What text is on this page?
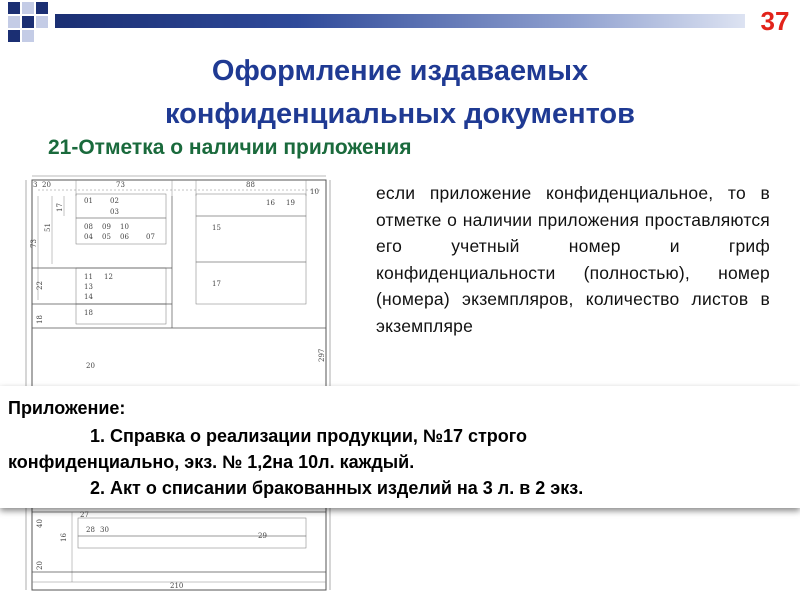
37
Оформление издаваемых
конфиденциальных документов
21-Отметка о наличии приложения
если приложение конфиденциальное, то в отметке о наличии приложения проставляются его учетный номер и гриф конфиденциальности (полностью), номер (номера) экземпляров, количество листов в экземпляре
3 20	73	88
10
17
51
73
22
18
297
01 02
03
08 09 10
04 05 06 07
16 19
15
11 12
13
14
17
18
20
27
28 30
29
40
16
20
210
Приложение:
1. Справка о реализации продукции, №17 строго
конфиденциально, экз. № 1,2на 10л. каждый.
2. Акт о списании бракованных изделий на 3 л. в 2 экз.
